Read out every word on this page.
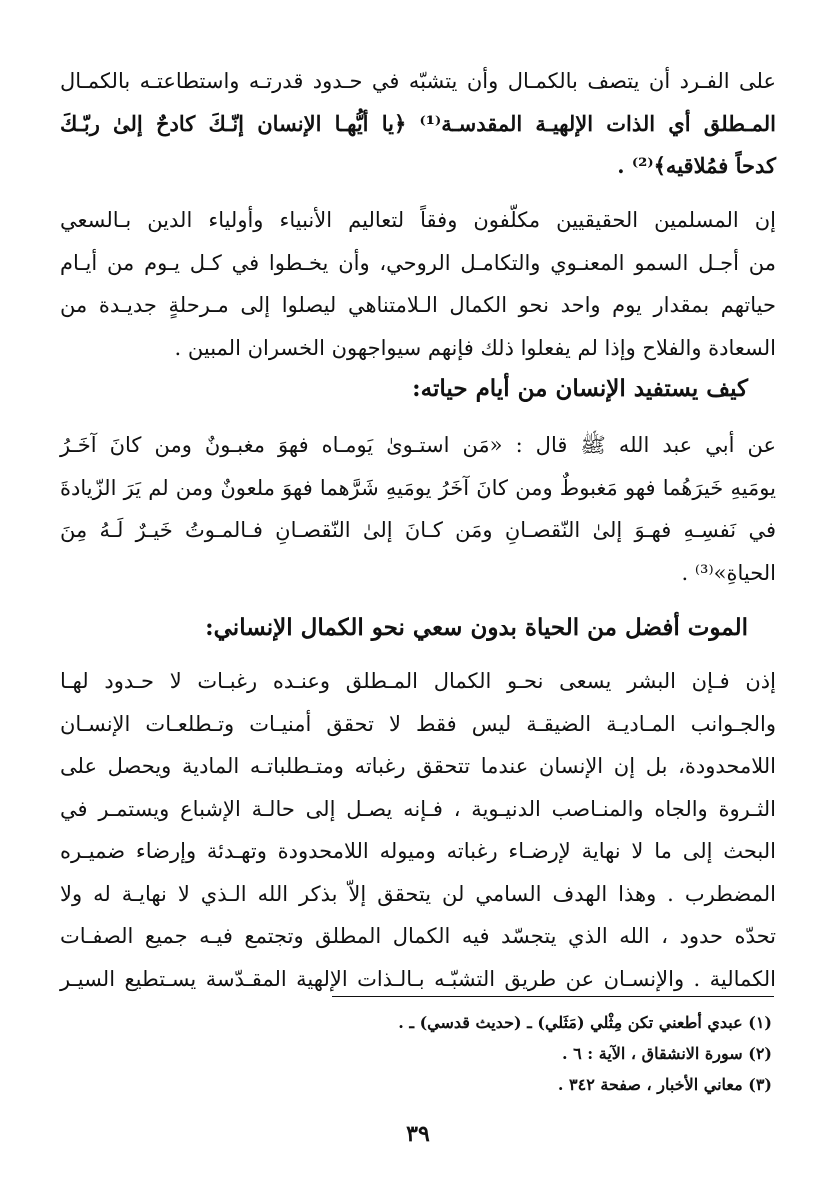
على الفـرد أن يتصف بالكمـال وأن يتشبّه في حـدود قدرتـه واستطاعتـه بالكمـال
المـطلق أي الذات الإلهيـة المقدسـة⁽¹⁾ ﴿يا أيُّهـا الإنسان إنّـكَ كادحٌ إلىٰ ربّـكَ
كدحاً فمُلاقيه﴾⁽²⁾ .
إن المسلمين الحقيقيين مكلّفون وفقاً لتعاليم الأنبياء وأولياء الدين بـالسعي
من أجـل السمو المعنـوي والتكامـل الروحي، وأن يخـطوا في كـل يـوم من أيـام
حياتهم بمقدار يوم واحد نحو الكمال الـلامتناهي ليصلوا إلى مـرحلةٍ جديـدة من
السعادة والفلاح وإذا لم يفعلوا ذلك فإنهم سيواجهون الخسران المبين .
كيف يستفيد الإنسان من أيام حياته:
عن أبي عبد الله ﷺ قال : «مَن استـوىٰ يَومـاه فهوَ مغبـونٌ ومن كانَ آخَـرُ
يومَيهِ خَيرَهُما فهو مَغبوطٌ ومن كانَ آخَرُ يومَيهِ شَرَّهما فهوَ ملعونٌ ومن لم يَرَ الزّيادةَ
في نَفسِـهِ فهـوَ إلىٰ النّقصـانِ ومَن كـانَ إلىٰ النّقصـانِ فـالمـوتُ خَيـرٌ لَـهُ مِنَ
الحياةِ»⁽³⁾ .
الموت أفضل من الحياة بدون سعي نحو الكمال الإنساني:
إذن فـإن البشر يسعى نحـو الكمال المـطلق وعنـده رغبـات لا حـدود لهـا
والجـوانب المـاديـة الضيقـة ليس فقط لا تحقق أمنيـات وتـطلعـات الإنسـان
اللامحدودة، بل إن الإنسان عندما تتحقق رغباته ومتـطلباتـه المادية ويحصل على
الثـروة والجاه والمنـاصب الدنيـوية ، فـإنه يصـل إلى حالـة الإشباع ويستمـر في
البحث إلى ما لا نهاية لإرضـاء رغباته وميوله اللامحدودة وتهـدئة وإرضاء ضميـره
المضطرب . وهذا الهدف السامي لن يتحقق إلاّ بذكر الله الـذي لا نهايـة له ولا
تحدّه حدود ، الله الذي يتجسّد فيه الكمال المطلق وتجتمع فيـه جميع الصفـات
الكمالية . والإنسـان عن طريق التشبّـه بـالـذات الإلهية المقـدّسة يسـتطيع السيـر
(١) عبدي أطعني تكن مِثْلي (مَثَلي) ـ (حديث قدسي) ـ .
(٢) سورة الانشقاق ، الآية : ٦ .
(٣) معاني الأخبار ، صفحة ٣٤٢ .
٣٩
